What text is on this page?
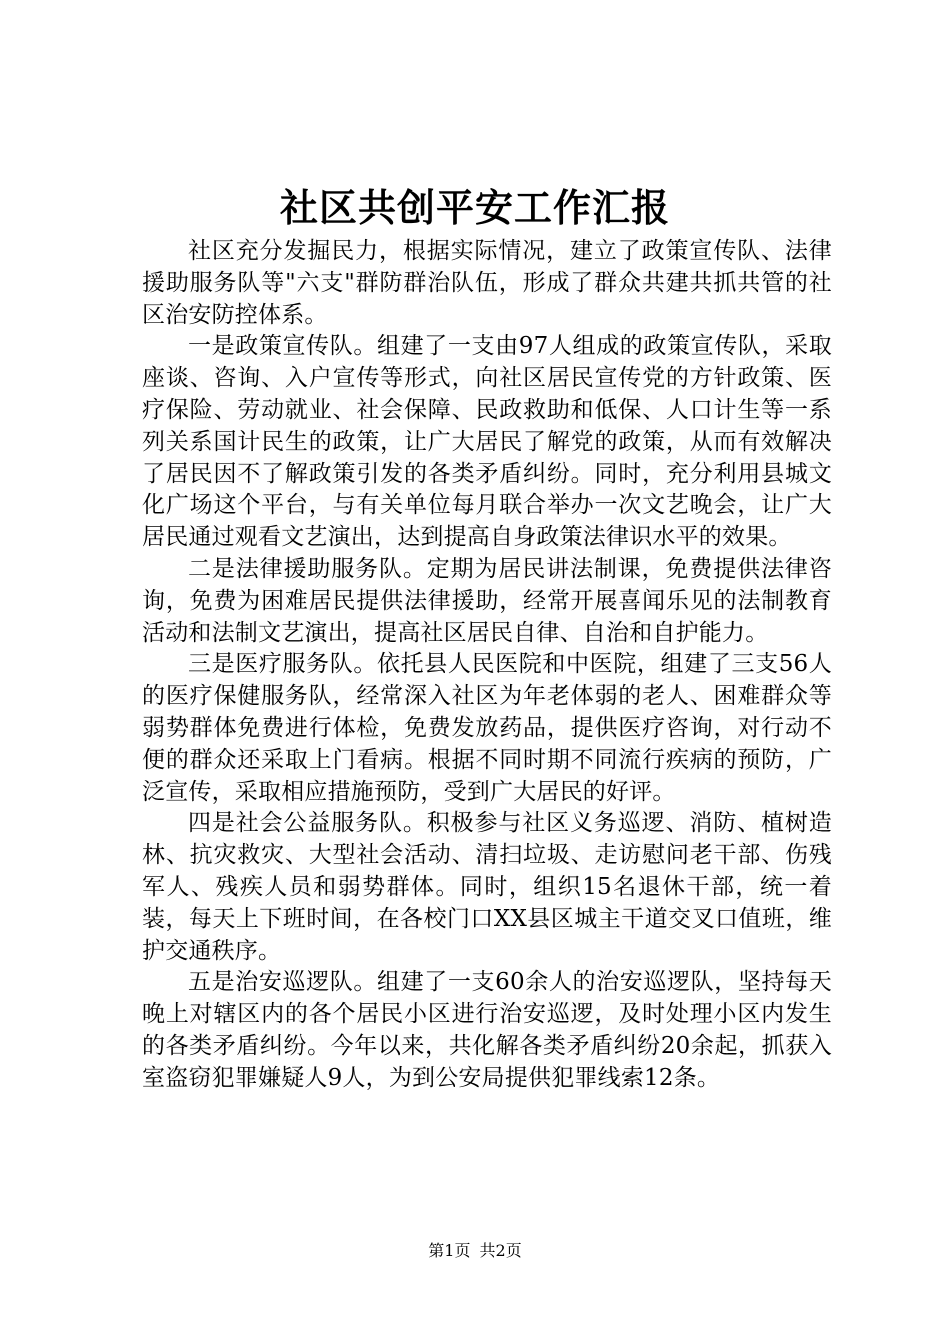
社区共创平安工作汇报

社区充分发掘民力，根据实际情况，建立了政策宣传队、法律援助服务队等"六支"群防群治队伍，形成了群众共建共抓共管的社区治安防控体系。

一是政策宣传队。组建了一支由97人组成的政策宣传队，采取座谈、咨询、入户宣传等形式，向社区居民宣传党的方针政策、医疗保险、劳动就业、社会保障、民政救助和低保、人口计生等一系列关系国计民生的政策，让广大居民了解党的政策，从而有效解决了居民因不了解政策引发的各类矛盾纠纷。同时，充分利用县城文化广场这个平台，与有关单位每月联合举办一次文艺晚会，让广大居民通过观看文艺演出，达到提高自身政策法律识水平的效果。

二是法律援助服务队。定期为居民讲法制课，免费提供法律咨询，免费为困难居民提供法律援助，经常开展喜闻乐见的法制教育活动和法制文艺演出，提高社区居民自律、自治和自护能力。

三是医疗服务队。依托县人民医院和中医院，组建了三支56人的医疗保健服务队，经常深入社区为年老体弱的老人、困难群众等弱势群体免费进行体检，免费发放药品，提供医疗咨询，对行动不便的群众还采取上门看病。根据不同时期不同流行疾病的预防，广泛宣传，采取相应措施预防，受到广大居民的好评。

四是社会公益服务队。积极参与社区义务巡逻、消防、植树造林、抗灾救灾、大型社会活动、清扫垃圾、走访慰问老干部、伤残军人、残疾人员和弱势群体。同时，组织15名退休干部，统一着装，每天上下班时间，在各校门口XX县区城主干道交叉口值班，维护交通秩序。

五是治安巡逻队。组建了一支60余人的治安巡逻队，坚持每天晚上对辖区内的各个居民小区进行治安巡逻，及时处理小区内发生的各类矛盾纠纷。今年以来，共化解各类矛盾纠纷20余起，抓获入室盗窃犯罪嫌疑人9人，为到公安局提供犯罪线索12条。

第1页 共2页
